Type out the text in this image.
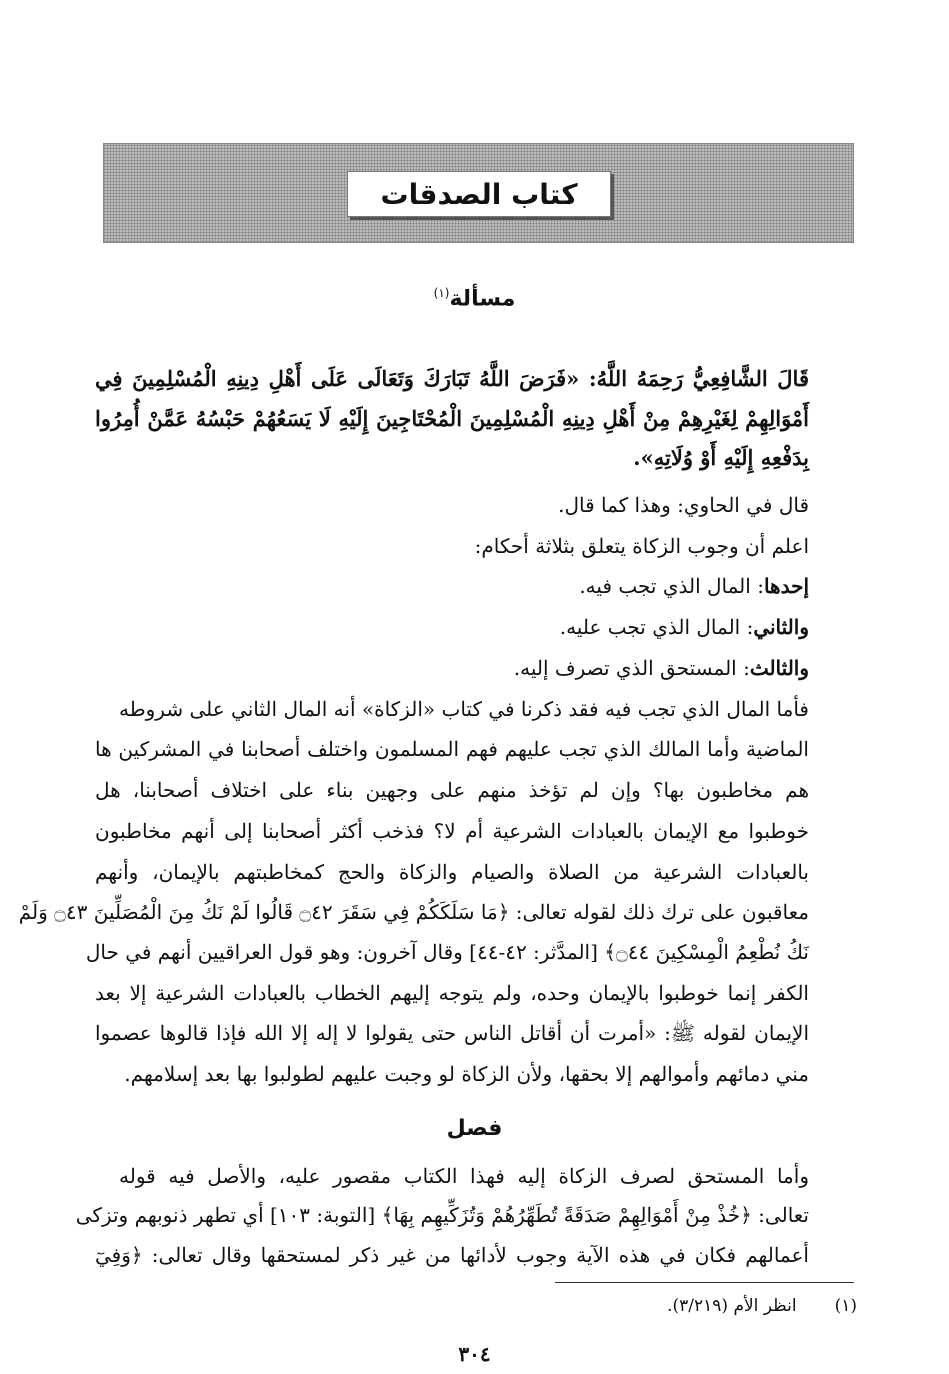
كتاب الصدقات
مسألة$^{(١)}$
قَالَ الشَّافِعِيُّ رَحِمَهُ اللَّهُ: «فَرَضَ اللَّهُ تَبَارَكَ وَتَعَالَى عَلَى أَهْلِ دِينِهِ الْمُسْلِمِينَ فِي
أَمْوَالِهِمْ لِغَيْرِهِمْ مِنْ أَهْلِ دِينِهِ الْمُسْلِمِينَ الْمُحْتَاجِينَ إِلَيْهِ لَا يَسَعُهُمْ حَبْسُهُ عَمَّنْ أُمِرُوا
بِدَفْعِهِ إِلَيْهِ أَوْ وُلَاتِهِ».
قال في الحاوي: وهذا كما قال.
اعلم أن وجوب الزكاة يتعلق بثلاثة أحكام:
إحدها: المال الذي تجب فيه.
والثاني: المال الذي تجب عليه.
والثالث: المستحق الذي تصرف إليه.
فأما المال الذي تجب فيه فقد ذكرنا في كتاب «الزكاة» أنه المال الثاني على شروطه
الماضية وأما المالك الذي تجب عليهم فهم المسلمون واختلف أصحابنا في المشركين ها
هم مخاطبون بها؟ وإن لم تؤخذ منهم على وجهين بناء على اختلاف أصحابنا، هل
خوطبوا مع الإيمان بالعبادات الشرعية أم لا؟ فذخب أكثر أصحابنا إلى أنهم مخاطبون
بالعبادات الشرعية من الصلاة والصيام والزكاة والحج كمخاطبتهم بالإيمان، وأنهم
معاقبون على ترك ذلك لقوله تعالى: ﴿مَا سَلَكَكُمْ فِي سَقَرَ ۝٤٢ قَالُوا لَمْ نَكُ مِنَ الْمُصَلِّينَ ۝٤٣ وَلَمْ
نَكُ نُطْعِمُ الْمِسْكِينَ ۝٤٤﴾ [المدَّثر: ٤٢-٤٤] وقال آخرون: وهو قول العراقيين أنهم في حال
الكفر إنما خوطبوا بالإيمان وحده، ولم يتوجه إليهم الخطاب بالعبادات الشرعية إلا بعد
الإيمان لقوله ﷺ: «أمرت أن أقاتل الناس حتى يقولوا لا إله إلا الله فإذا قالوها عصموا
مني دمائهم وأموالهم إلا بحقها، ولأن الزكاة لو وجبت عليهم لطولبوا بها بعد إسلامهم.
وأما المستحق لصرف الزكاة إليه فهذا الكتاب مقصور عليه، والأصل فيه قوله
تعالى: ﴿خُذْ مِنْ أَمْوَالِهِمْ صَدَقَةً تُطَهِّرُهُمْ وَتُزَكِّيهِم بِهَا﴾ [التوبة: ١٠٣] أي تطهر ذنوبهم وتزكى
أعمالهم فكان في هذه الآية وجوب لأدائها من غير ذكر لمستحقها وقال تعالى: ﴿وَفِيٓ
فصل
(١)انظر الأم (٣/٢١٩).
٣٠٤
